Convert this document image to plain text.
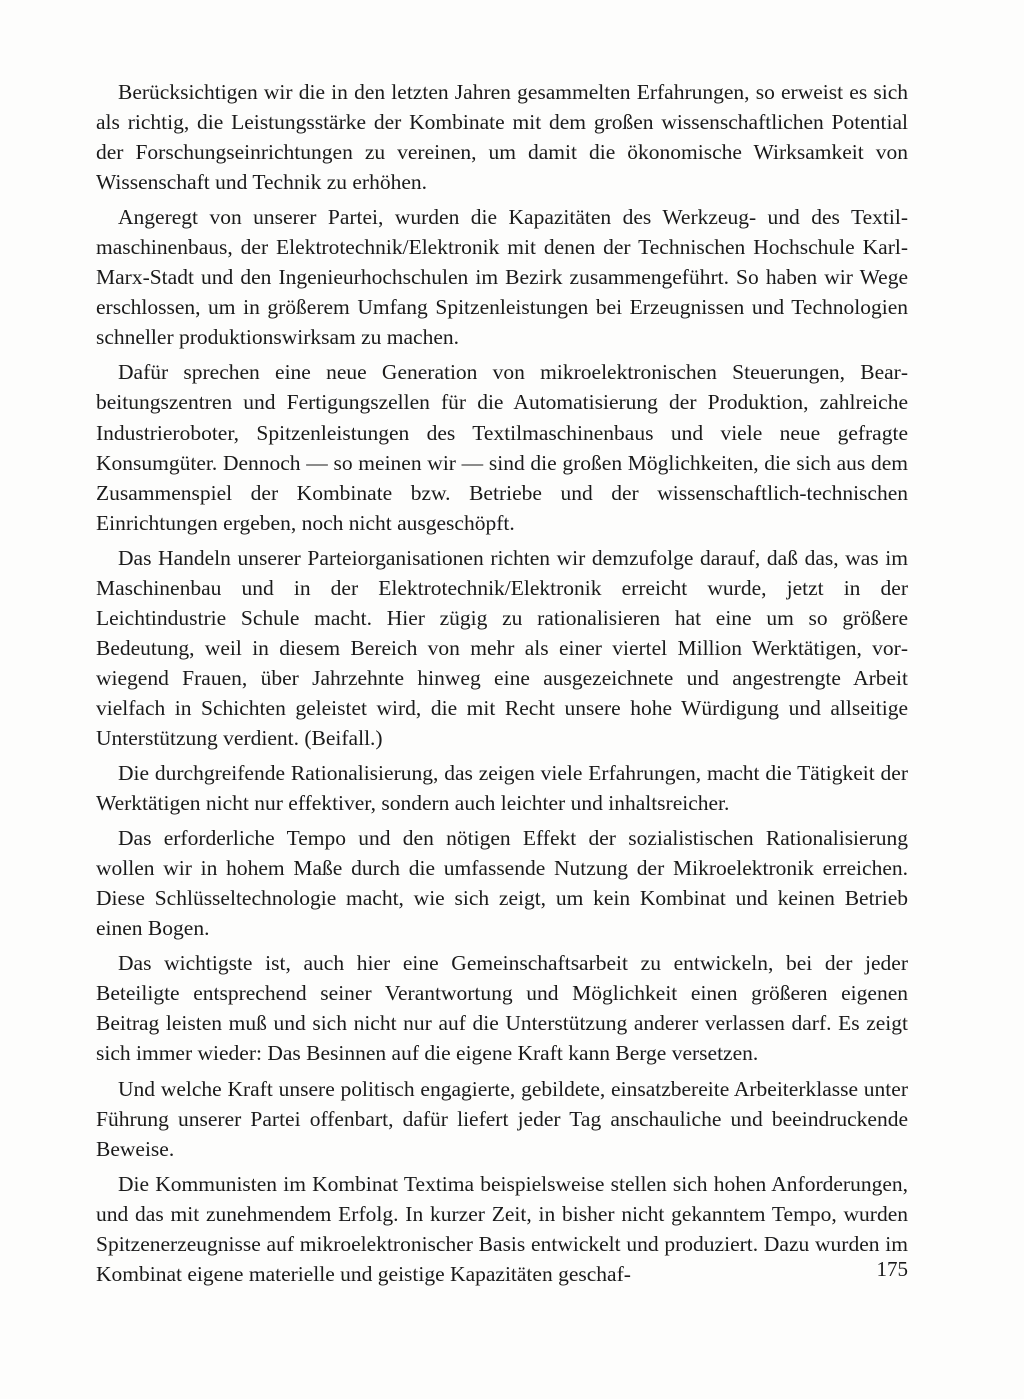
Berücksichtigen wir die in den letzten Jahren gesammelten Erfahrungen, so erweist es sich als richtig, die Leistungsstärke der Kombinate mit dem großen wissenschaftlichen Potential der Forschungseinrichtungen zu vereinen, um damit die ökonomische Wirksamkeit von Wissenschaft und Technik zu erhöhen.

Angeregt von unserer Partei, wurden die Kapazitäten des Werkzeug- und des Textilmaschinenbaus, der Elektrotechnik/Elektronik mit denen der Technischen Hochschule Karl-Marx-Stadt und den Ingenieurhochschulen im Bezirk zusammengeführt. So haben wir Wege erschlossen, um in größerem Umfang Spitzenleistungen bei Erzeugnissen und Technologien schneller produktionswirksam zu machen.

Dafür sprechen eine neue Generation von mikroelektronischen Steuerungen, Bearbeitungszentren und Fertigungszellen für die Automatisierung der Produktion, zahlreiche Industrieroboter, Spitzenleistungen des Textilmaschinenbaus und viele neue gefragte Konsumgüter. Dennoch — so meinen wir — sind die großen Möglichkeiten, die sich aus dem Zusammenspiel der Kombinate bzw. Betriebe und der wissenschaftlich-technischen Einrichtungen ergeben, noch nicht ausgeschöpft.

Das Handeln unserer Parteiorganisationen richten wir demzufolge darauf, daß das, was im Maschinenbau und in der Elektrotechnik/Elektronik erreicht wurde, jetzt in der Leichtindustrie Schule macht. Hier zügig zu rationalisieren hat eine um so größere Bedeutung, weil in diesem Bereich von mehr als einer viertel Million Werktätigen, vorwiegend Frauen, über Jahrzehnte hinweg eine ausgezeichnete und angestrengte Arbeit vielfach in Schichten geleistet wird, die mit Recht unsere hohe Würdigung und allseitige Unterstützung verdient. (Beifall.)

Die durchgreifende Rationalisierung, das zeigen viele Erfahrungen, macht die Tätigkeit der Werktätigen nicht nur effektiver, sondern auch leichter und inhaltsreicher.

Das erforderliche Tempo und den nötigen Effekt der sozialistischen Rationalisierung wollen wir in hohem Maße durch die umfassende Nutzung der Mikroelektronik erreichen. Diese Schlüsseltechnologie macht, wie sich zeigt, um kein Kombinat und keinen Betrieb einen Bogen.

Das wichtigste ist, auch hier eine Gemeinschaftsarbeit zu entwickeln, bei der jeder Beteiligte entsprechend seiner Verantwortung und Möglichkeit einen größeren eigenen Beitrag leisten muß und sich nicht nur auf die Unterstützung anderer verlassen darf. Es zeigt sich immer wieder: Das Besinnen auf die eigene Kraft kann Berge versetzen.

Und welche Kraft unsere politisch engagierte, gebildete, einsatzbereite Arbeiterklasse unter Führung unserer Partei offenbart, dafür liefert jeder Tag anschauliche und beeindruckende Beweise.

Die Kommunisten im Kombinat Textima beispielsweise stellen sich hohen Anforderungen, und das mit zunehmendem Erfolg. In kurzer Zeit, in bisher nicht gekanntem Tempo, wurden Spitzenerzeugnisse auf mikroelektronischer Basis entwickelt und produziert. Dazu wurden im Kombinat eigene materielle und geistige Kapazitäten geschaf-	175
